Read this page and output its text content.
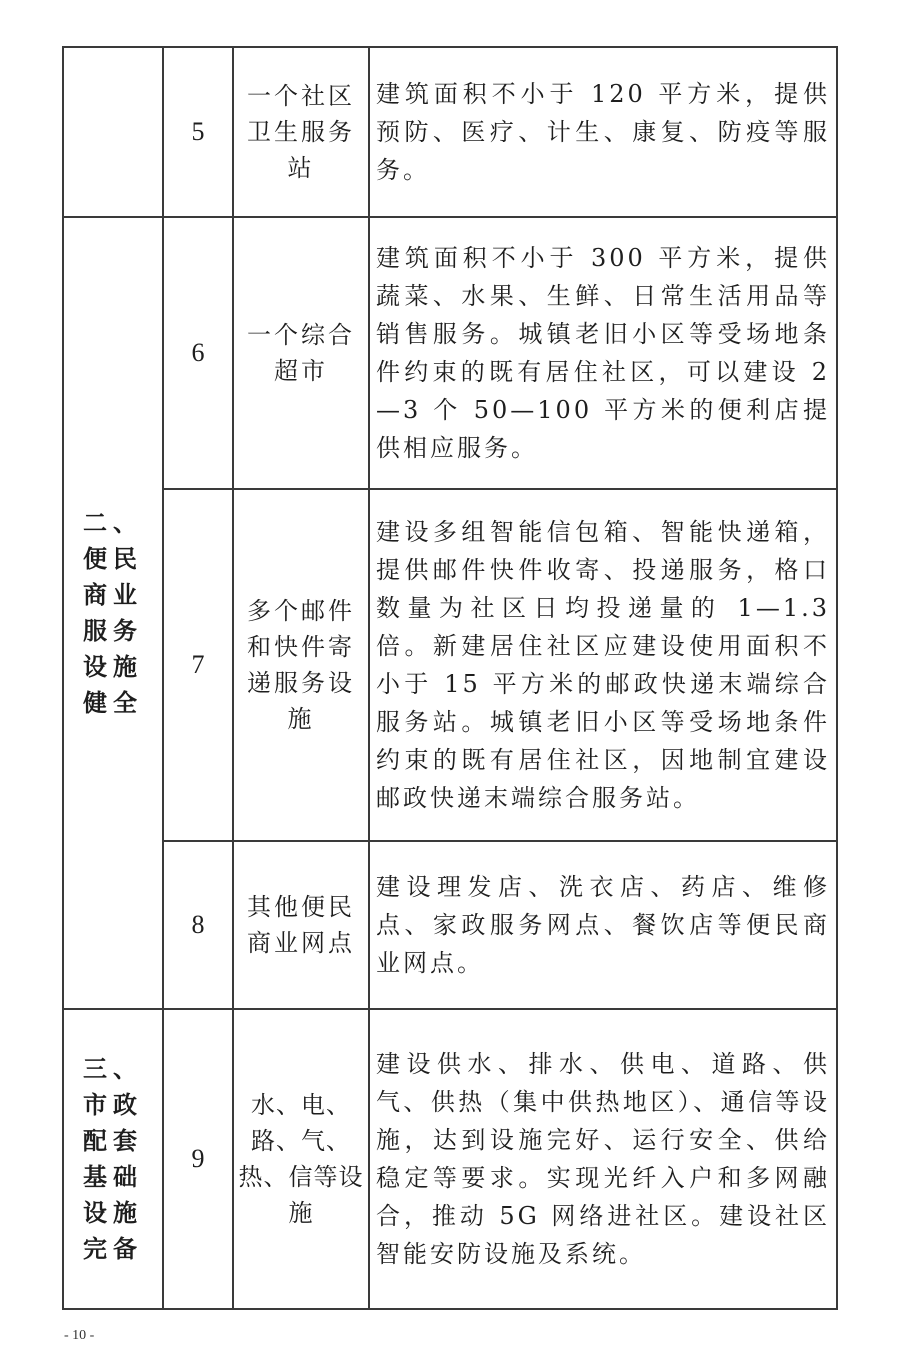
	5	一个社区卫生服务站	建筑面积不小于 120 平方米，提供预防、医疗、计生、康复、防疫等服务。
二、便民商业服务设施健全	6	一个综合超市	建筑面积不小于 300 平方米，提供蔬菜、水果、生鲜、日常生活用品等销售服务。城镇老旧小区等受场地条件约束的既有居住社区，可以建设 2—3 个 50—100 平方米的便利店提供相应服务。
	7	多个邮件和快件寄递服务设施	建设多组智能信包箱、智能快递箱，提供邮件快件收寄、投递服务，格口数量为社区日均投递量的 1—1.3 倍。新建居住社区应建设使用面积不小于 15 平方米的邮政快递末端综合服务站。城镇老旧小区等受场地条件约束的既有居住社区，因地制宜建设邮政快递末端综合服务站。
	8	其他便民商业网点	建设理发店、洗衣店、药店、维修点、家政服务网点、餐饮店等便民商业网点。
三、市政配套基础设施完备	9	水、电、路、气、热、信等设施	建设供水、排水、供电、道路、供气、供热（集中供热地区）、通信等设施，达到设施完好、运行安全、供给稳定等要求。实现光纤入户和多网融合，推动 5G 网络进社区。建设社区智能安防设施及系统。
- 10 -
